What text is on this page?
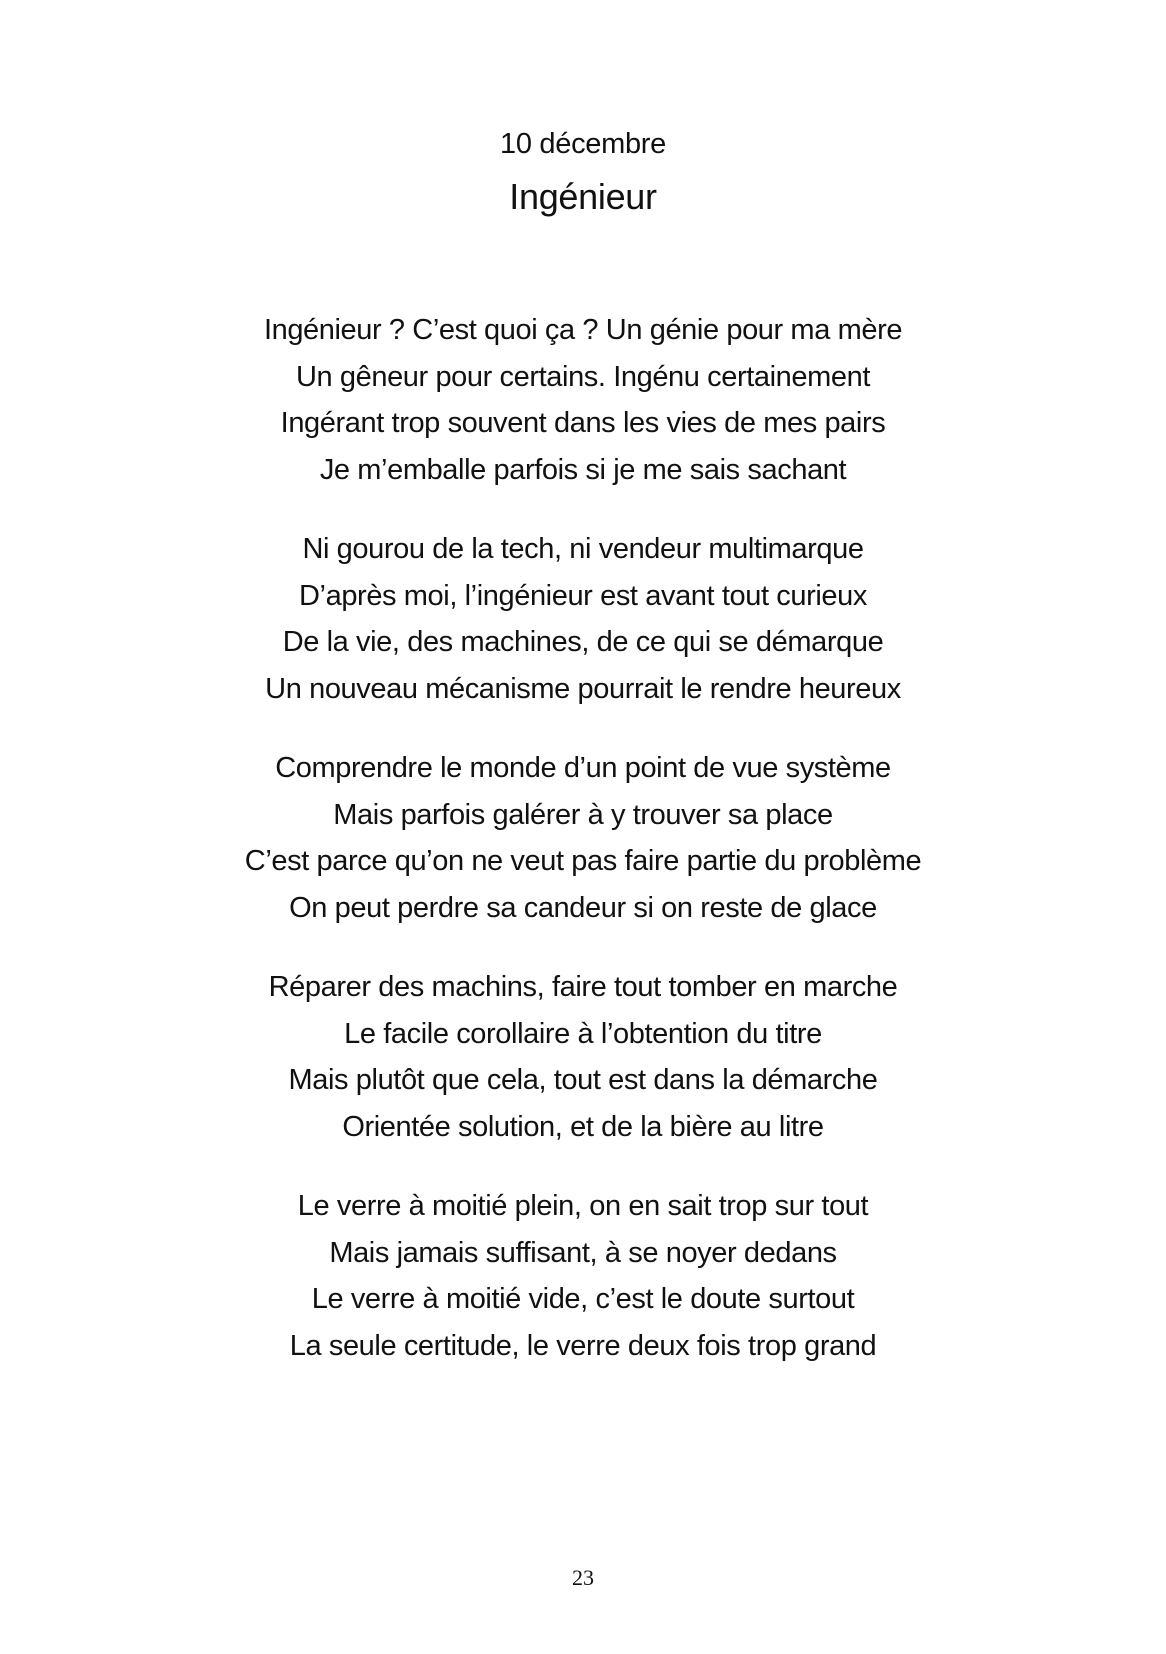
10 décembre
Ingénieur
Ingénieur ? C’est quoi ça ? Un génie pour ma mère
Un gêneur pour certains. Ingénu certainement
Ingérant trop souvent dans les vies de mes pairs
Je m’emballe parfois si je me sais sachant
Ni gourou de la tech, ni vendeur multimarque
D’après moi, l’ingénieur est avant tout curieux
De la vie, des machines, de ce qui se démarque
Un nouveau mécanisme pourrait le rendre heureux
Comprendre le monde d’un point de vue système
Mais parfois galérer à y trouver sa place
C’est parce qu’on ne veut pas faire partie du problème
On peut perdre sa candeur si on reste de glace
Réparer des machins, faire tout tomber en marche
Le facile corollaire à l’obtention du titre
Mais plutôt que cela, tout est dans la démarche
Orientée solution, et de la bière au litre
Le verre à moitié plein, on en sait trop sur tout
Mais jamais suffisant, à se noyer dedans
Le verre à moitié vide, c’est le doute surtout
La seule certitude, le verre deux fois trop grand
23
